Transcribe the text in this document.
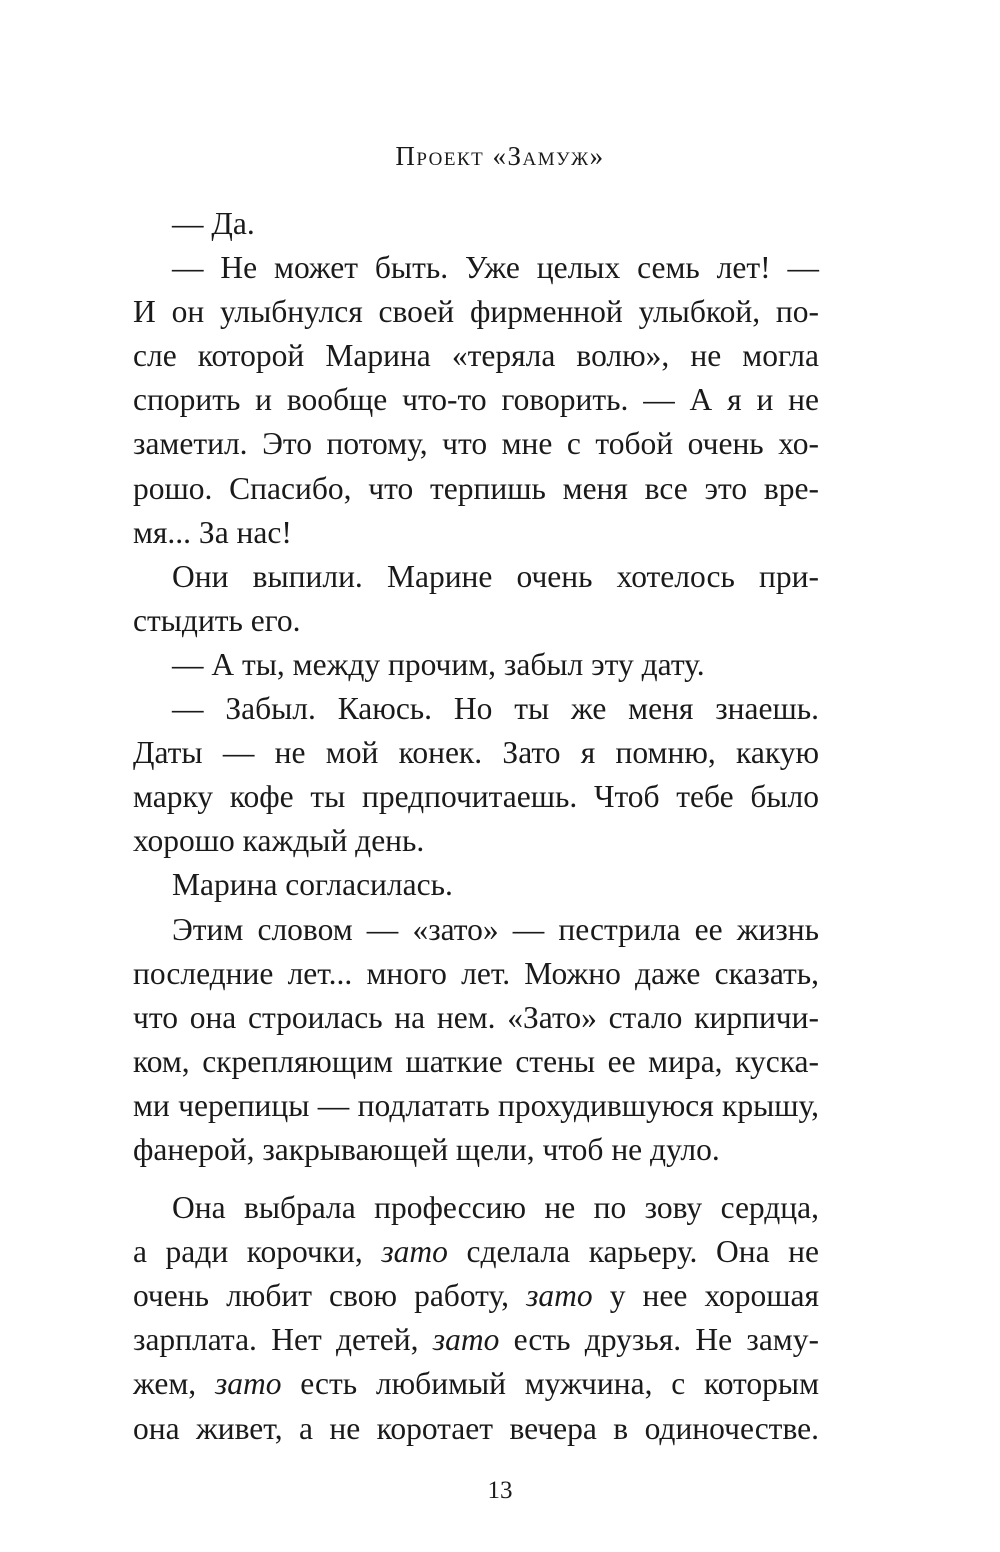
Проект «Замуж»
— Да.
— Не может быть. Уже целых семь лет! —
И он улыбнулся своей фирменной улыбкой, по-
сле которой Марина «теряла волю», не могла
спорить и вообще что-то говорить. — А я и не
заметил. Это потому, что мне с тобой очень хо-
рошо. Спасибо, что терпишь меня все это вре-
мя... За нас!
Они выпили. Марине очень хотелось при-
стыдить его.
— А ты, между прочим, забыл эту дату.
— Забыл. Каюсь. Но ты же меня знаешь.
Даты — не мой конек. Зато я помню, какую
марку кофе ты предпочитаешь. Чтоб тебе было
хорошо каждый день.
Марина согласилась.
Этим словом — «зато» — пестрила ее жизнь
последние лет... много лет. Можно даже сказать,
что она строилась на нем. «Зато» стало кирпичи-
ком, скрепляющим шаткие стены ее мира, куска-
ми черепицы — подлатать прохудившуюся крышу,
фанерой, закрывающей щели, чтоб не дуло.
Она выбрала профессию не по зову сердца,
а ради корочки, зато сделала карьеру. Она не
очень любит свою работу, зато у нее хорошая
зарплата. Нет детей, зато есть друзья. Не заму-
жем, зато есть любимый мужчина, с которым
она живет, а не коротает вечера в одиночестве.
13
